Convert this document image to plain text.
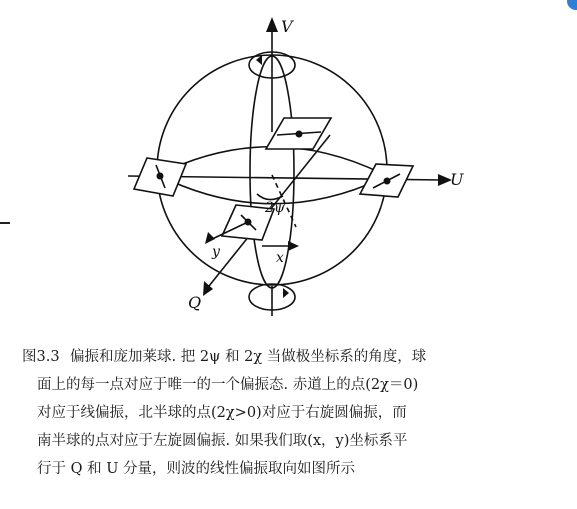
V
U
Q
y	x
2ψ
图3.3 偏振和庞加莱球. 把 2ψ 和 2χ 当做极坐标系的角度，球
面上的每一点对应于唯一的一个偏振态. 赤道上的点(2χ＝0)
对应于线偏振，北半球的点(2χ>0)对应于右旋圆偏振，而
南半球的点对应于左旋圆偏振. 如果我们取(x，y)坐标系平
行于 Q 和 U 分量，则波的线性偏振取向如图所示
